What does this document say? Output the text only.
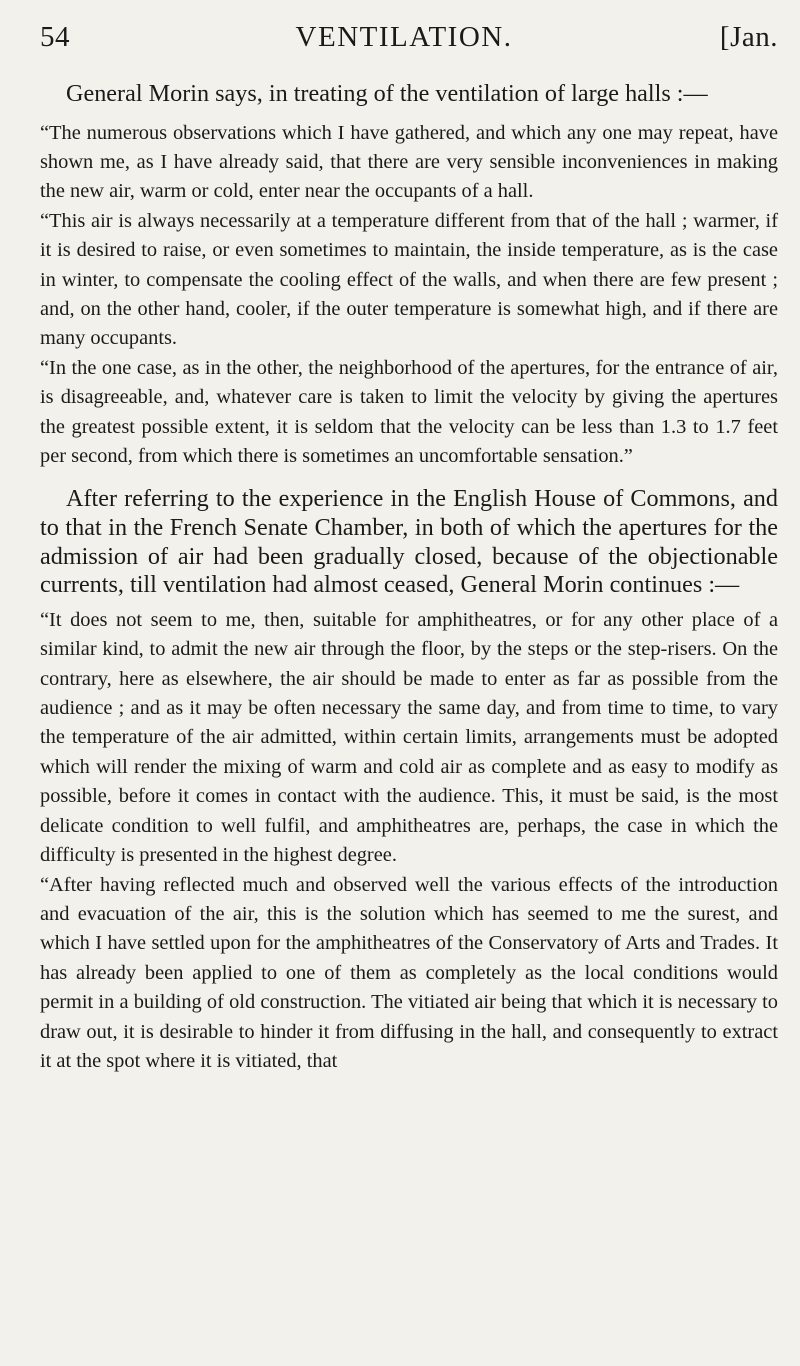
54	VENTILATION.	[Jan.

General Morin says, in treating of the ventilation of large halls :—

“The numerous observations which I have gathered, and which any one may repeat, have shown me, as I have already said, that there are very sensible inconveniences in making the new air, warm or cold, enter near the occupants of a hall.

“This air is always necessarily at a temperature different from that of the hall ; warmer, if it is desired to raise, or even sometimes to maintain, the inside temperature, as is the case in winter, to compensate the cooling effect of the walls, and when there are few present ; and, on the other hand, cooler, if the outer temperature is somewhat high, and if there are many occupants.

“In the one case, as in the other, the neighborhood of the apertures, for the entrance of air, is disagreeable, and, whatever care is taken to limit the velocity by giving the apertures the greatest possible extent, it is seldom that the velocity can be less than 1.3 to 1.7 feet per second, from which there is sometimes an uncomfortable sensation.”

After referring to the experience in the English House of Commons, and to that in the French Senate Chamber, in both of which the apertures for the admission of air had been gradually closed, because of the objectionable currents, till ventilation had almost ceased, General Morin continues :—

“It does not seem to me, then, suitable for amphitheatres, or for any other place of a similar kind, to admit the new air through the floor, by the steps or the step-risers. On the contrary, here as elsewhere, the air should be made to enter as far as possible from the audience ; and as it may be often necessary the same day, and from time to time, to vary the temperature of the air admitted, within certain limits, arrangements must be adopted which will render the mixing of warm and cold air as complete and as easy to modify as possible, before it comes in contact with the audience. This, it must be said, is the most delicate condition to well fulfil, and amphitheatres are, perhaps, the case in which the difficulty is presented in the highest degree.

“After having reflected much and observed well the various effects of the introduction and evacuation of the air, this is the solution which has seemed to me the surest, and which I have settled upon for the amphitheatres of the Conservatory of Arts and Trades. It has already been applied to one of them as completely as the local conditions would permit in a building of old construction. The vitiated air being that which it is necessary to draw out, it is desirable to hinder it from diffusing in the hall, and consequently to extract it at the spot where it is vitiated, that
